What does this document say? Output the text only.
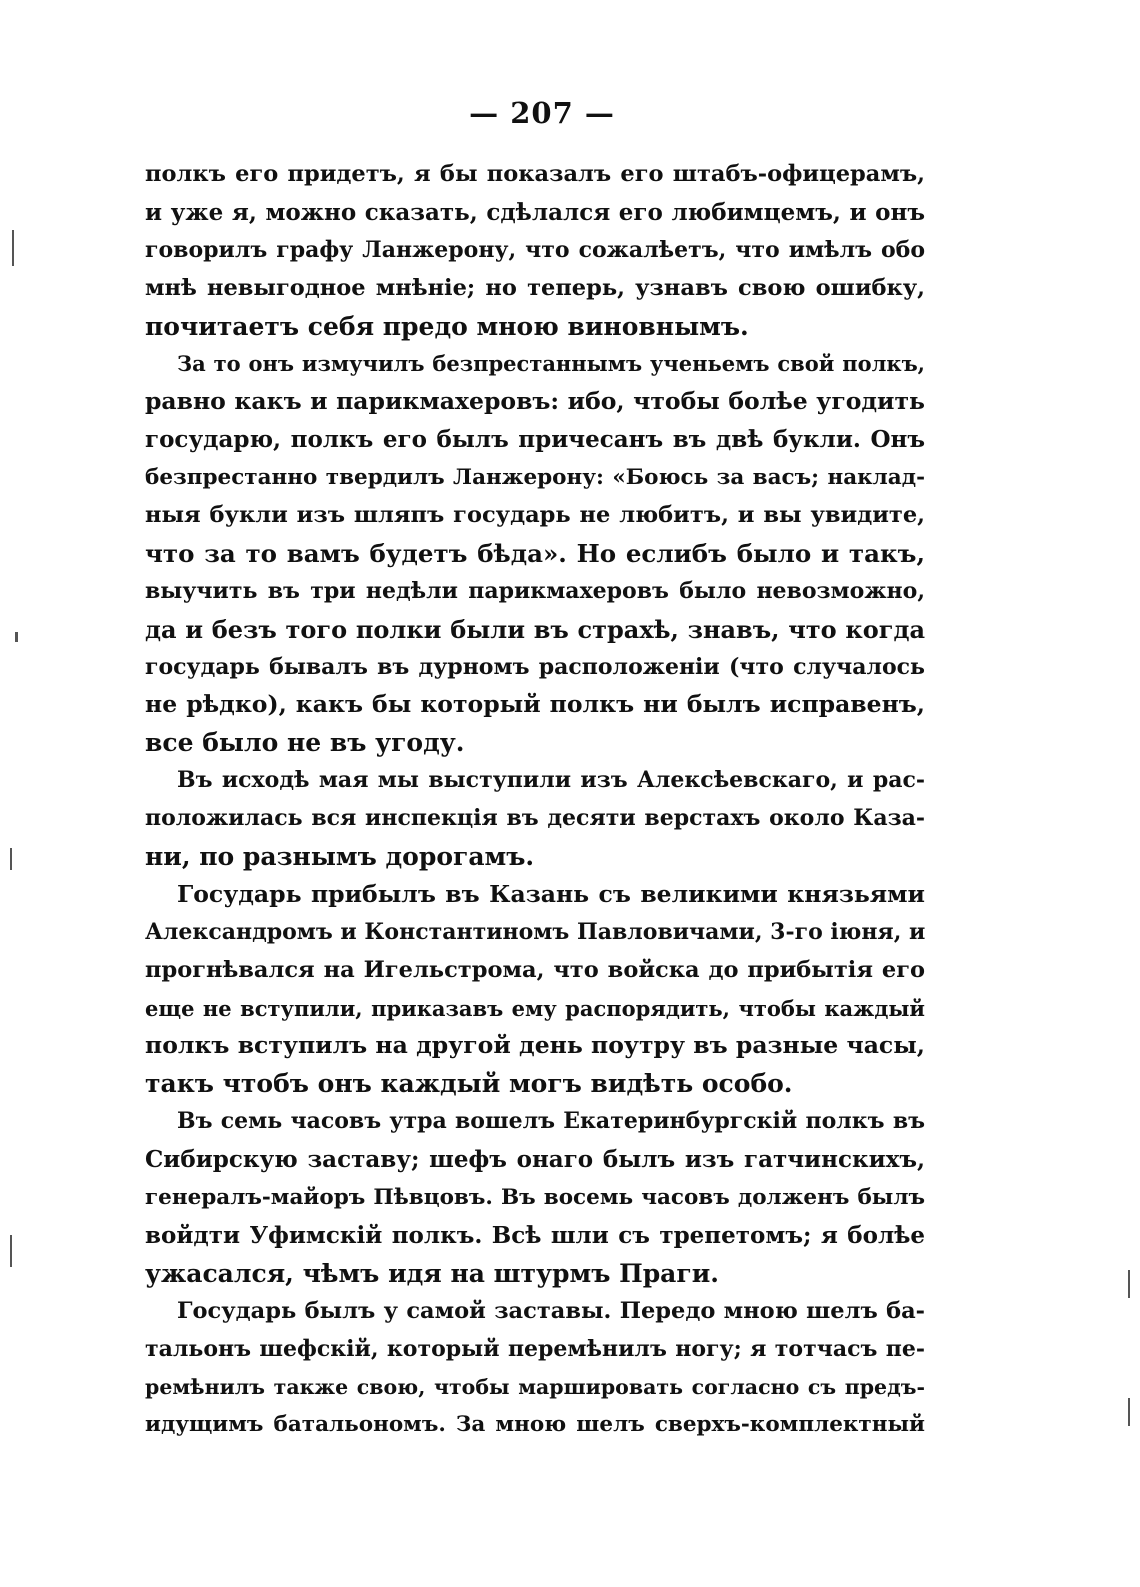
— 207 —
полкъ его придетъ, я бы показалъ его штабъ-офицерамъ,
и уже я, можно сказать, сдѣлался его любимцемъ, и онъ
говорилъ графу Ланжерону, что сожалѣетъ, что имѣлъ обо
мнѣ невыгодное мнѣніе; но теперь, узнавъ свою ошибку,
почитаетъ себя предо мною виновнымъ.
За то онъ измучилъ безпрестаннымъ ученьемъ свой полкъ,
равно какъ и парикмахеровъ: ибо, чтобы болѣе угодить
государю, полкъ его былъ причесанъ въ двѣ букли. Онъ
безпрестанно твердилъ Ланжерону: «Боюсь за васъ; наклад-
ныя букли изъ шляпъ государь не любитъ, и вы увидите,
что за то вамъ будетъ бѣда». Но еслибъ было и такъ,
выучить въ три недѣли парикмахеровъ было невозможно,
да и безъ того полки были въ страхѣ, знавъ, что когда
государь бывалъ въ дурномъ расположеніи (что случалось
не рѣдко), какъ бы который полкъ ни былъ исправенъ,
все было не въ угоду.
Въ исходѣ мая мы выступили изъ Алексѣевскаго, и рас-
положилась вся инспекція въ десяти верстахъ около Каза-
ни, по разнымъ дорогамъ.
Государь прибылъ въ Казань съ великими князьями
Александромъ и Константиномъ Павловичами, 3-го іюня, и
прогнѣвался на Игельстрома, что войска до прибытія его
еще не вступили, приказавъ ему распорядить, чтобы каждый
полкъ вступилъ на другой день поутру въ разные часы,
такъ чтобъ онъ каждый могъ видѣть особо.
Въ семь часовъ утра вошелъ Екатеринбургскій полкъ въ
Сибирскую заставу; шефъ онаго былъ изъ гатчинскихъ,
генералъ-майоръ Пѣвцовъ. Въ восемь часовъ долженъ былъ
войдти Уфимскій полкъ. Всѣ шли съ трепетомъ; я болѣе
ужасался, чѣмъ идя на штурмъ Праги.
Государь былъ у самой заставы. Передо мною шелъ ба-
тальонъ шефскій, который перемѣнилъ ногу; я тотчасъ пе-
ремѣнилъ также свою, чтобы маршировать согласно съ предъ-
идущимъ батальономъ. За мною шелъ сверхъ-комплектный
